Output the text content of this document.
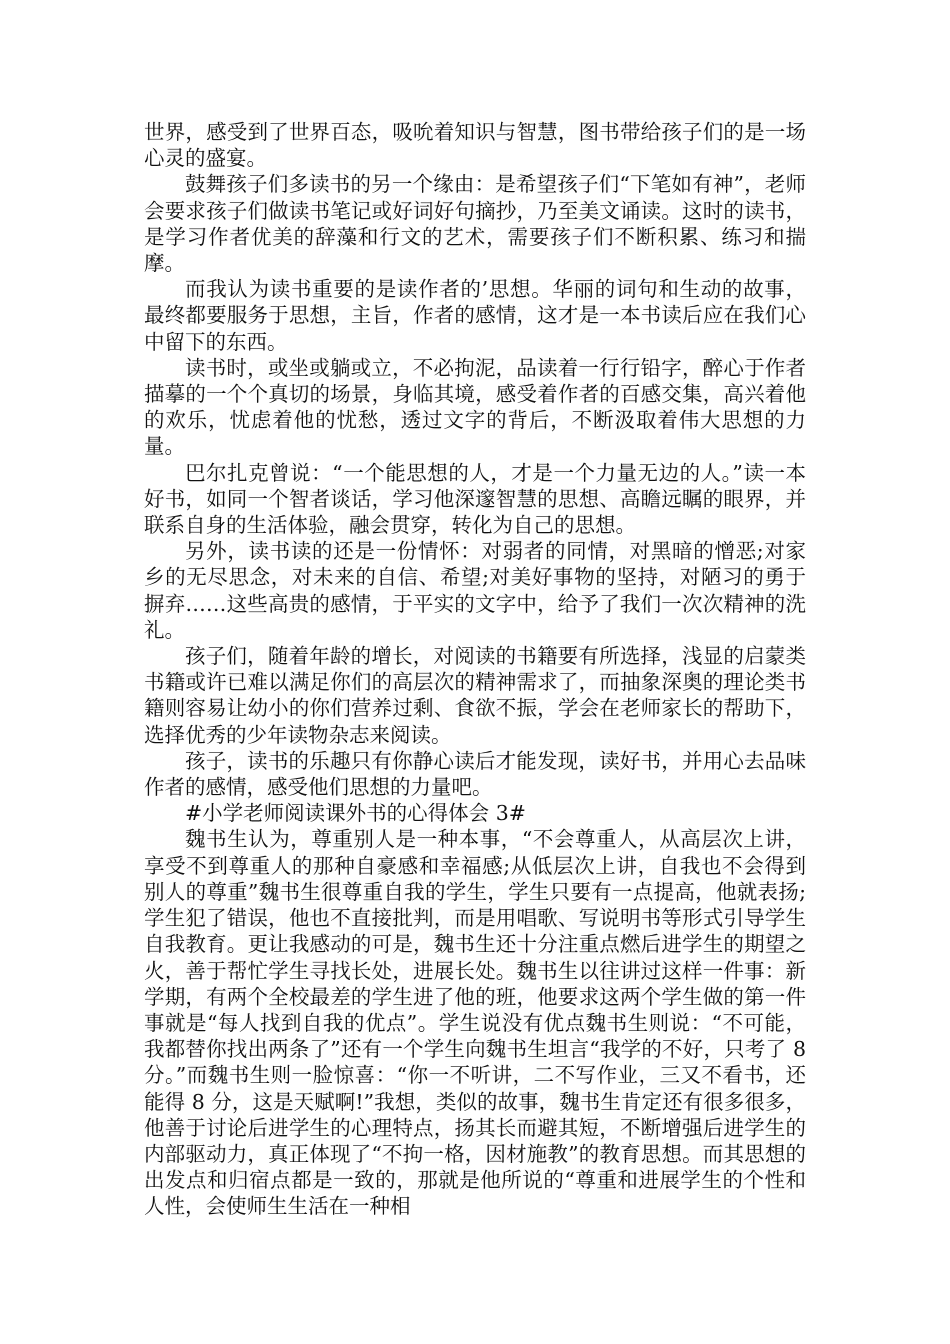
世界，感受到了世界百态，吸吮着知识与智慧，图书带给孩子们的是一场心灵的盛宴。

鼓舞孩子们多读书的另一个缘由：是希望孩子们“下笔如有神”，老师会要求孩子们做读书笔记或好词好句摘抄，乃至美文诵读。这时的读书，是学习作者优美的辞藻和行文的艺术，需要孩子们不断积累、练习和揣摩。

而我认为读书重要的是读作者的’思想。华丽的词句和生动的故事，最终都要服务于思想，主旨，作者的感情，这才是一本书读后应在我们心中留下的东西。

读书时，或坐或躺或立，不必拘泥，品读着一行行铅字，醉心于作者描摹的一个个真切的场景，身临其境，感受着作者的百感交集，高兴着他的欢乐，忧虑着他的忧愁，透过文字的背后，不断汲取着伟大思想的力量。

巴尔扎克曾说：“一个能思想的人，才是一个力量无边的人。”读一本好书，如同一个智者谈话，学习他深邃智慧的思想、高瞻远瞩的眼界，并联系自身的生活体验，融会贯穿，转化为自己的思想。

另外，读书读的还是一份情怀：对弱者的同情，对黑暗的憎恶;对家乡的无尽思念，对未来的自信、希望;对美好事物的坚持，对陋习的勇于摒弃……这些高贵的感情，于平实的文字中，给予了我们一次次精神的洗礼。

孩子们，随着年龄的增长，对阅读的书籍要有所选择，浅显的启蒙类书籍或许已难以满足你们的高层次的精神需求了，而抽象深奥的理论类书籍则容易让幼小的你们营养过剩、食欲不振，学会在老师家长的帮助下，选择优秀的少年读物杂志来阅读。

孩子，读书的乐趣只有你静心读后才能发现，读好书，并用心去品味作者的感情，感受他们思想的力量吧。

#小学老师阅读课外书的心得体会 3#

魏书生认为，尊重别人是一种本事，“不会尊重人，从高层次上讲，享受不到尊重人的那种自豪感和幸福感;从低层次上讲，自我也不会得到别人的尊重”魏书生很尊重自我的学生，学生只要有一点提高，他就表扬;学生犯了错误，他也不直接批判，而是用唱歌、写说明书等形式引导学生自我教育。更让我感动的可是，魏书生还十分注重点燃后进学生的期望之火，善于帮忙学生寻找长处，进展长处。魏书生以往讲过这样一件事：新学期，有两个全校最差的学生进了他的班，他要求这两个学生做的第一件事就是“每人找到自我的优点”。学生说没有优点魏书生则说：“不可能，我都替你找出两条了”还有一个学生向魏书生坦言“我学的不好，只考了 8 分。”而魏书生则一脸惊喜：“你一不听讲，二不写作业，三又不看书，还能得 8 分，这是天赋啊!”我想，类似的故事，魏书生肯定还有很多很多，他善于讨论后进学生的心理特点，扬其长而避其短，不断增强后进学生的内部驱动力，真正体现了“不拘一格，因材施教”的教育思想。而其思想的出发点和归宿点都是一致的，那就是他所说的“尊重和进展学生的个性和人性，会使师生生活在一种相
